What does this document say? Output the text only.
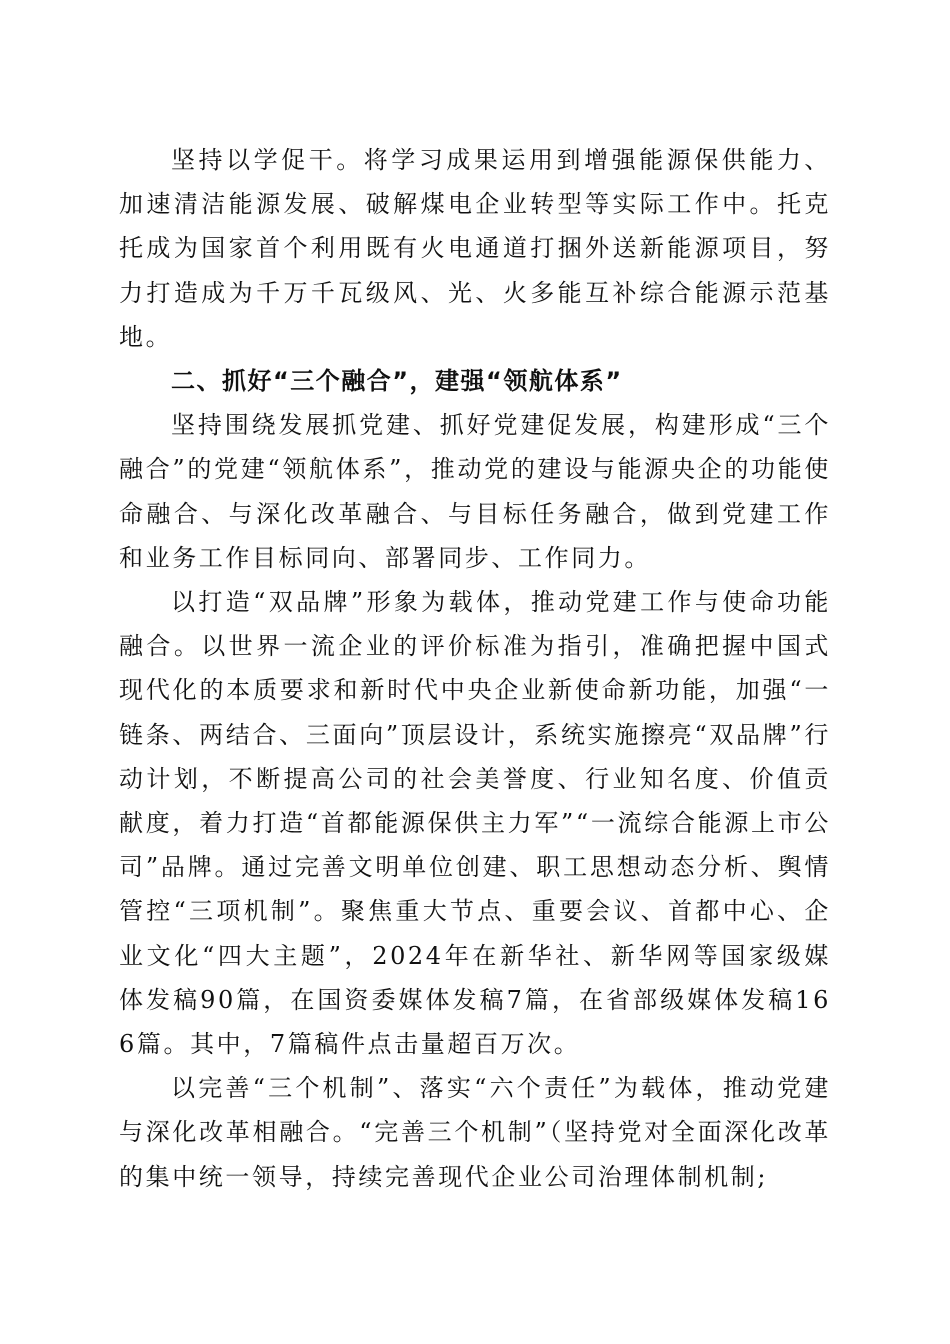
坚持以学促干。将学习成果运用到增强能源保供能力、加速清洁能源发展、破解煤电企业转型等实际工作中。托克托成为国家首个利用既有火电通道打捆外送新能源项目，努力打造成为千万千瓦级风、光、火多能互补综合能源示范基地。

二、抓好“三个融合”，建强“领航体系”

坚持围绕发展抓党建、抓好党建促发展，构建形成“三个融合”的党建“领航体系”，推动党的建设与能源央企的功能使命融合、与深化改革融合、与目标任务融合，做到党建工作和业务工作目标同向、部署同步、工作同力。

以打造“双品牌”形象为载体，推动党建工作与使命功能融合。以世界一流企业的评价标准为指引，准确把握中国式现代化的本质要求和新时代中央企业新使命新功能，加强“一链条、两结合、三面向”顶层设计，系统实施擦亮“双品牌”行动计划，不断提高公司的社会美誉度、行业知名度、价值贡献度，着力打造“首都能源保供主力军”“一流综合能源上市公司”品牌。通过完善文明单位创建、职工思想动态分析、舆情管控“三项机制”。聚焦重大节点、重要会议、首都中心、企业文化“四大主题”，2024年在新华社、新华网等国家级媒体发稿90篇，在国资委媒体发稿7篇，在省部级媒体发稿166篇。其中，7篇稿件点击量超百万次。

以完善“三个机制”、落实“六个责任”为载体，推动党建与深化改革相融合。“完善三个机制”（坚持党对全面深化改革的集中统一领导，持续完善现代企业公司治理体制机制;
